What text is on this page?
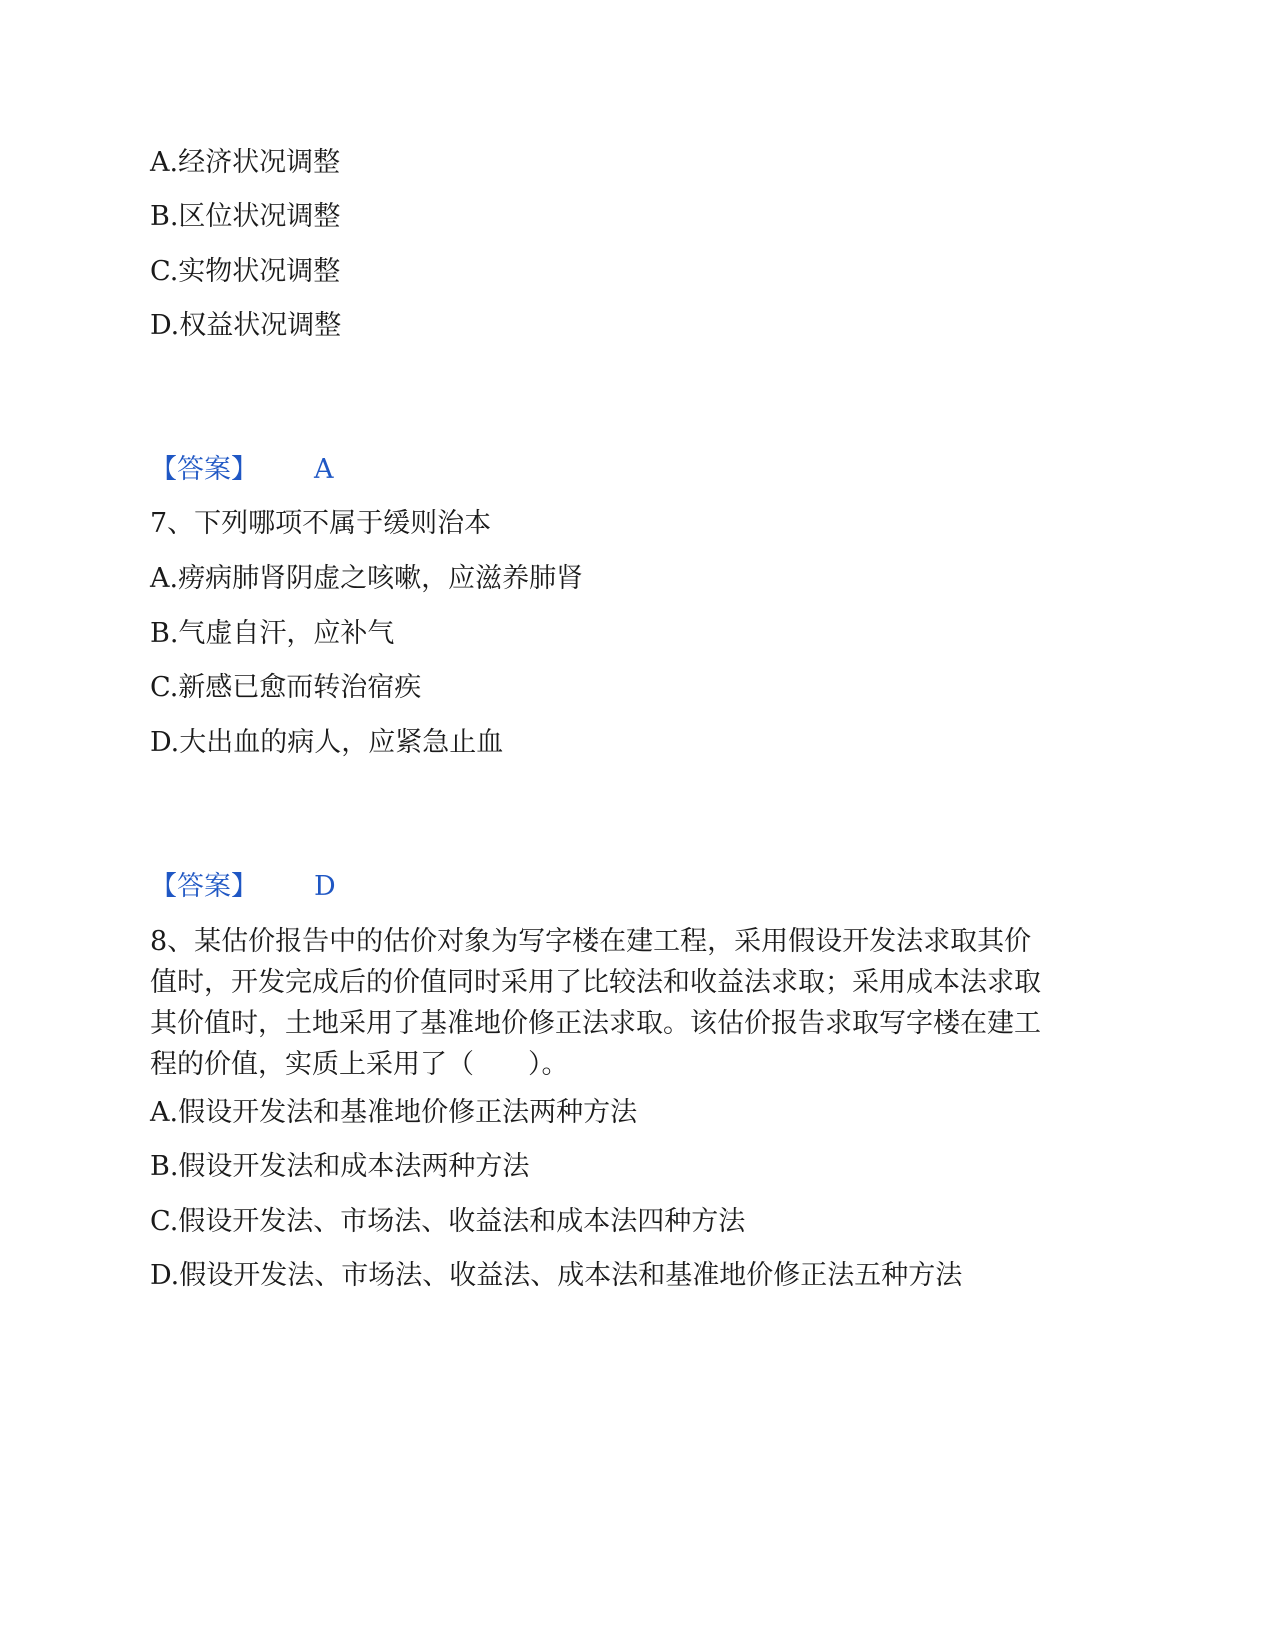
A.经济状况调整
B.区位状况调整
C.实物状况调整
D.权益状况调整
【答案】 A
7、下列哪项不属于缓则治本
A.痨病肺肾阴虚之咳嗽，应滋养肺肾
B.气虚自汗，应补气
C.新感已愈而转治宿疾
D.大出血的病人，应紧急止血
【答案】 D
8、某估价报告中的估价对象为写字楼在建工程，采用假设开发法求取其价
值时，开发完成后的价值同时采用了比较法和收益法求取；采用成本法求取
其价值时，土地采用了基准地价修正法求取。该估价报告求取写字楼在建工
程的价值，实质上采用了（　　）。
A.假设开发法和基准地价修正法两种方法
B.假设开发法和成本法两种方法
C.假设开发法、市场法、收益法和成本法四种方法
D.假设开发法、市场法、收益法、成本法和基准地价修正法五种方法
